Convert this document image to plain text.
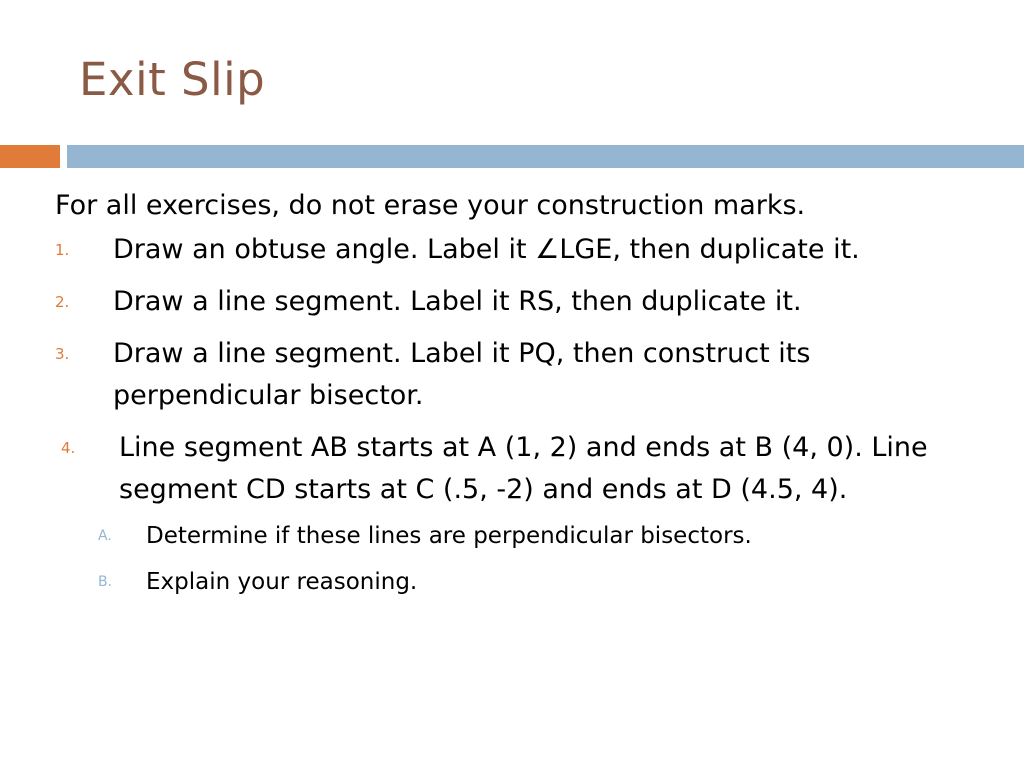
Exit Slip
For all exercises, do not erase your construction marks.
1. Draw an obtuse angle. Label it ∠LGE, then duplicate it.
2. Draw a line segment. Label it RS, then duplicate it.
3. Draw a line segment. Label it PQ, then construct its perpendicular bisector.
4. Line segment AB starts at A (1, 2) and ends at B (4, 0). Line segment CD starts at C (.5, -2) and ends at D (4.5, 4).
A. Determine if these lines are perpendicular bisectors.
B. Explain your reasoning.
